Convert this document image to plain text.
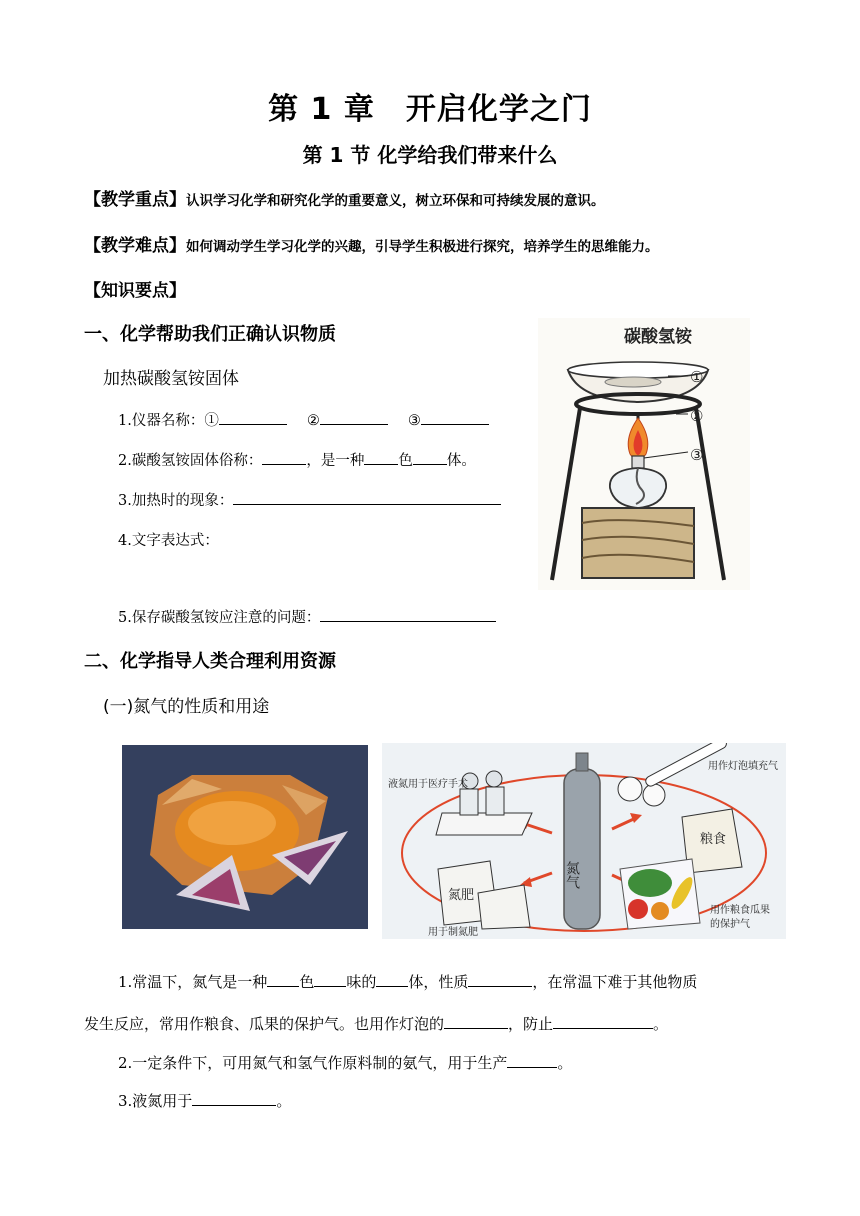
第 1 章　开启化学之门
第 1 节 化学给我们带来什么
【教学重点】认识学习化学和研究化学的重要意义，树立环保和可持续发展的意识。
【教学难点】如何调动学生学习化学的兴趣，引导学生积极进行探究，培养学生的思维能力。
【知识要点】
一、化学帮助我们正确认识物质
加热碳酸氢铵固体
1.仪器名称：①	②	③
2.碳酸氢铵固体俗称：	，是一种 色 体。
3.加热时的现象：
4.文字表达式：
5.保存碳酸氢铵应注意的问题：
碳酸氢铵
①
②
③
二、化学指导人类合理利用资源
(一)氮气的性质和用途
氮气
液氮用于医疗手术
用作灯泡填充气
粮食
用作粮食瓜果
的保护气
氮肥
用于制氮肥
1.常温下，氮气是一种 色 味的 体，性质	，在常温下难于其他物质
发生反应，常用作粮食、瓜果的保护气。也用作灯泡的	，防止	。
2.一定条件下，可用氮气和氢气作原料制的氨气，用于生产	。
3.液氮用于	。
